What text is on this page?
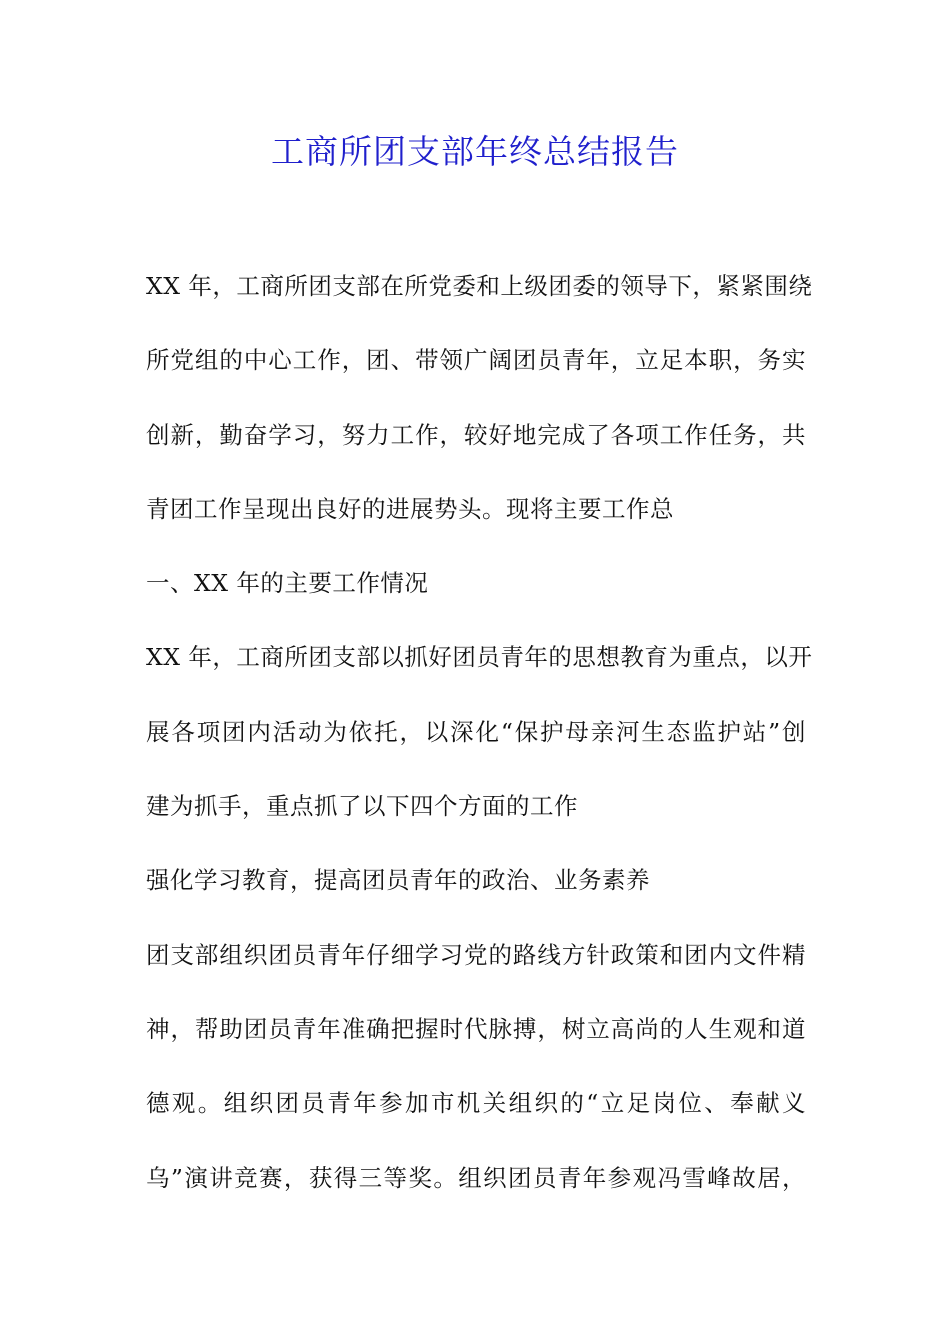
工商所团支部年终总结报告
XX 年，工商所团支部在所党委和上级团委的领导下，紧紧围绕
所党组的中心工作，团、带领广阔团员青年，立足本职，务实
创新，勤奋学习，努力工作，较好地完成了各项工作任务，共
青团工作呈现出良好的进展势头。现将主要工作总
一、XX 年的主要工作情况
XX 年，工商所团支部以抓好团员青年的思想教育为重点，以开
展各项团内活动为依托，以深化“保护母亲河生态监护站”创
建为抓手，重点抓了以下四个方面的工作
强化学习教育，提高团员青年的政治、业务素养
团支部组织团员青年仔细学习党的路线方针政策和团内文件精
神，帮助团员青年准确把握时代脉搏，树立高尚的人生观和道
德观。组织团员青年参加市机关组织的“立足岗位、奉献义
乌”演讲竞赛，获得三等奖。组织团员青年参观冯雪峰故居，
